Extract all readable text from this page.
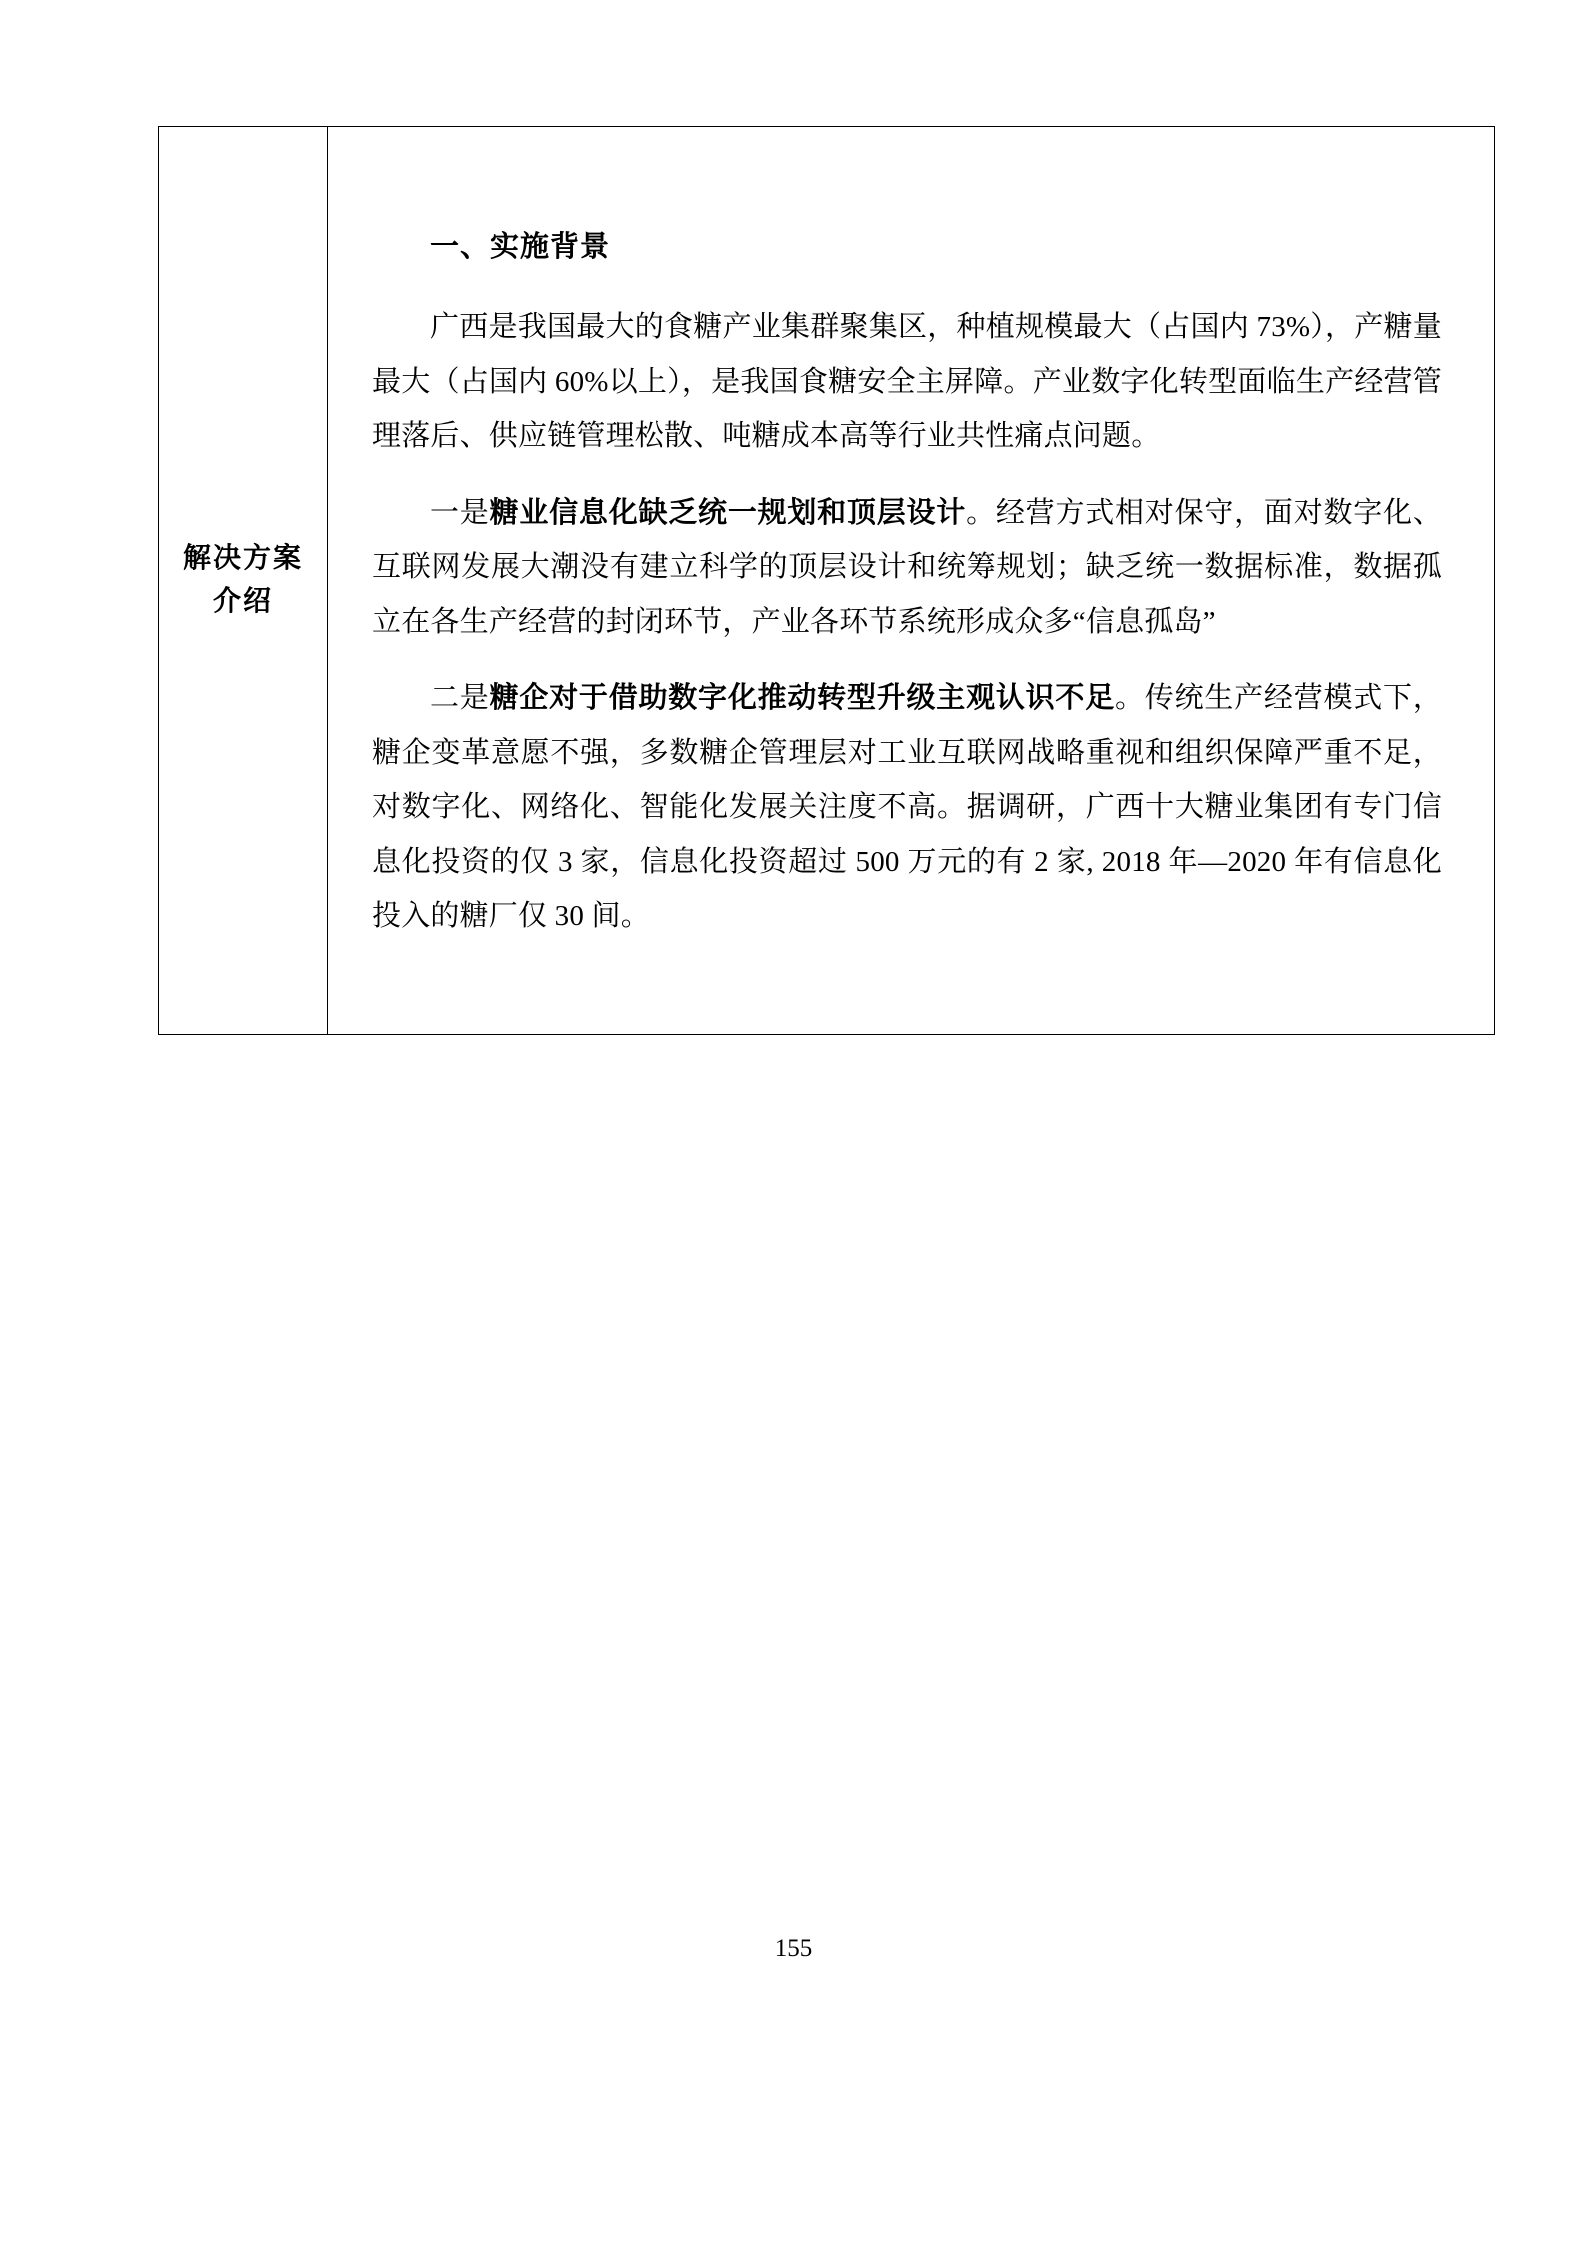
解决方案
介绍

一、实施背景

广西是我国最大的食糖产业集群聚集区，种植规模最大（占国内 73%），产糖量最大（占国内 60%以上），是我国食糖安全主屏障。产业数字化转型面临生产经营管理落后、供应链管理松散、吨糖成本高等行业共性痛点问题。

一是糖业信息化缺乏统一规划和顶层设计。经营方式相对保守，面对数字化、互联网发展大潮没有建立科学的顶层设计和统筹规划；缺乏统一数据标准，数据孤立在各生产经营的封闭环节，产业各环节系统形成众多“信息孤岛”

二是糖企对于借助数字化推动转型升级主观认识不足。传统生产经营模式下，糖企变革意愿不强，多数糖企管理层对工业互联网战略重视和组织保障严重不足，对数字化、网络化、智能化发展关注度不高。据调研，广西十大糖业集团有专门信息化投资的仅 3 家，信息化投资超过 500 万元的有 2 家, 2018 年—2020 年有信息化投入的糖厂仅 30 间。

155
